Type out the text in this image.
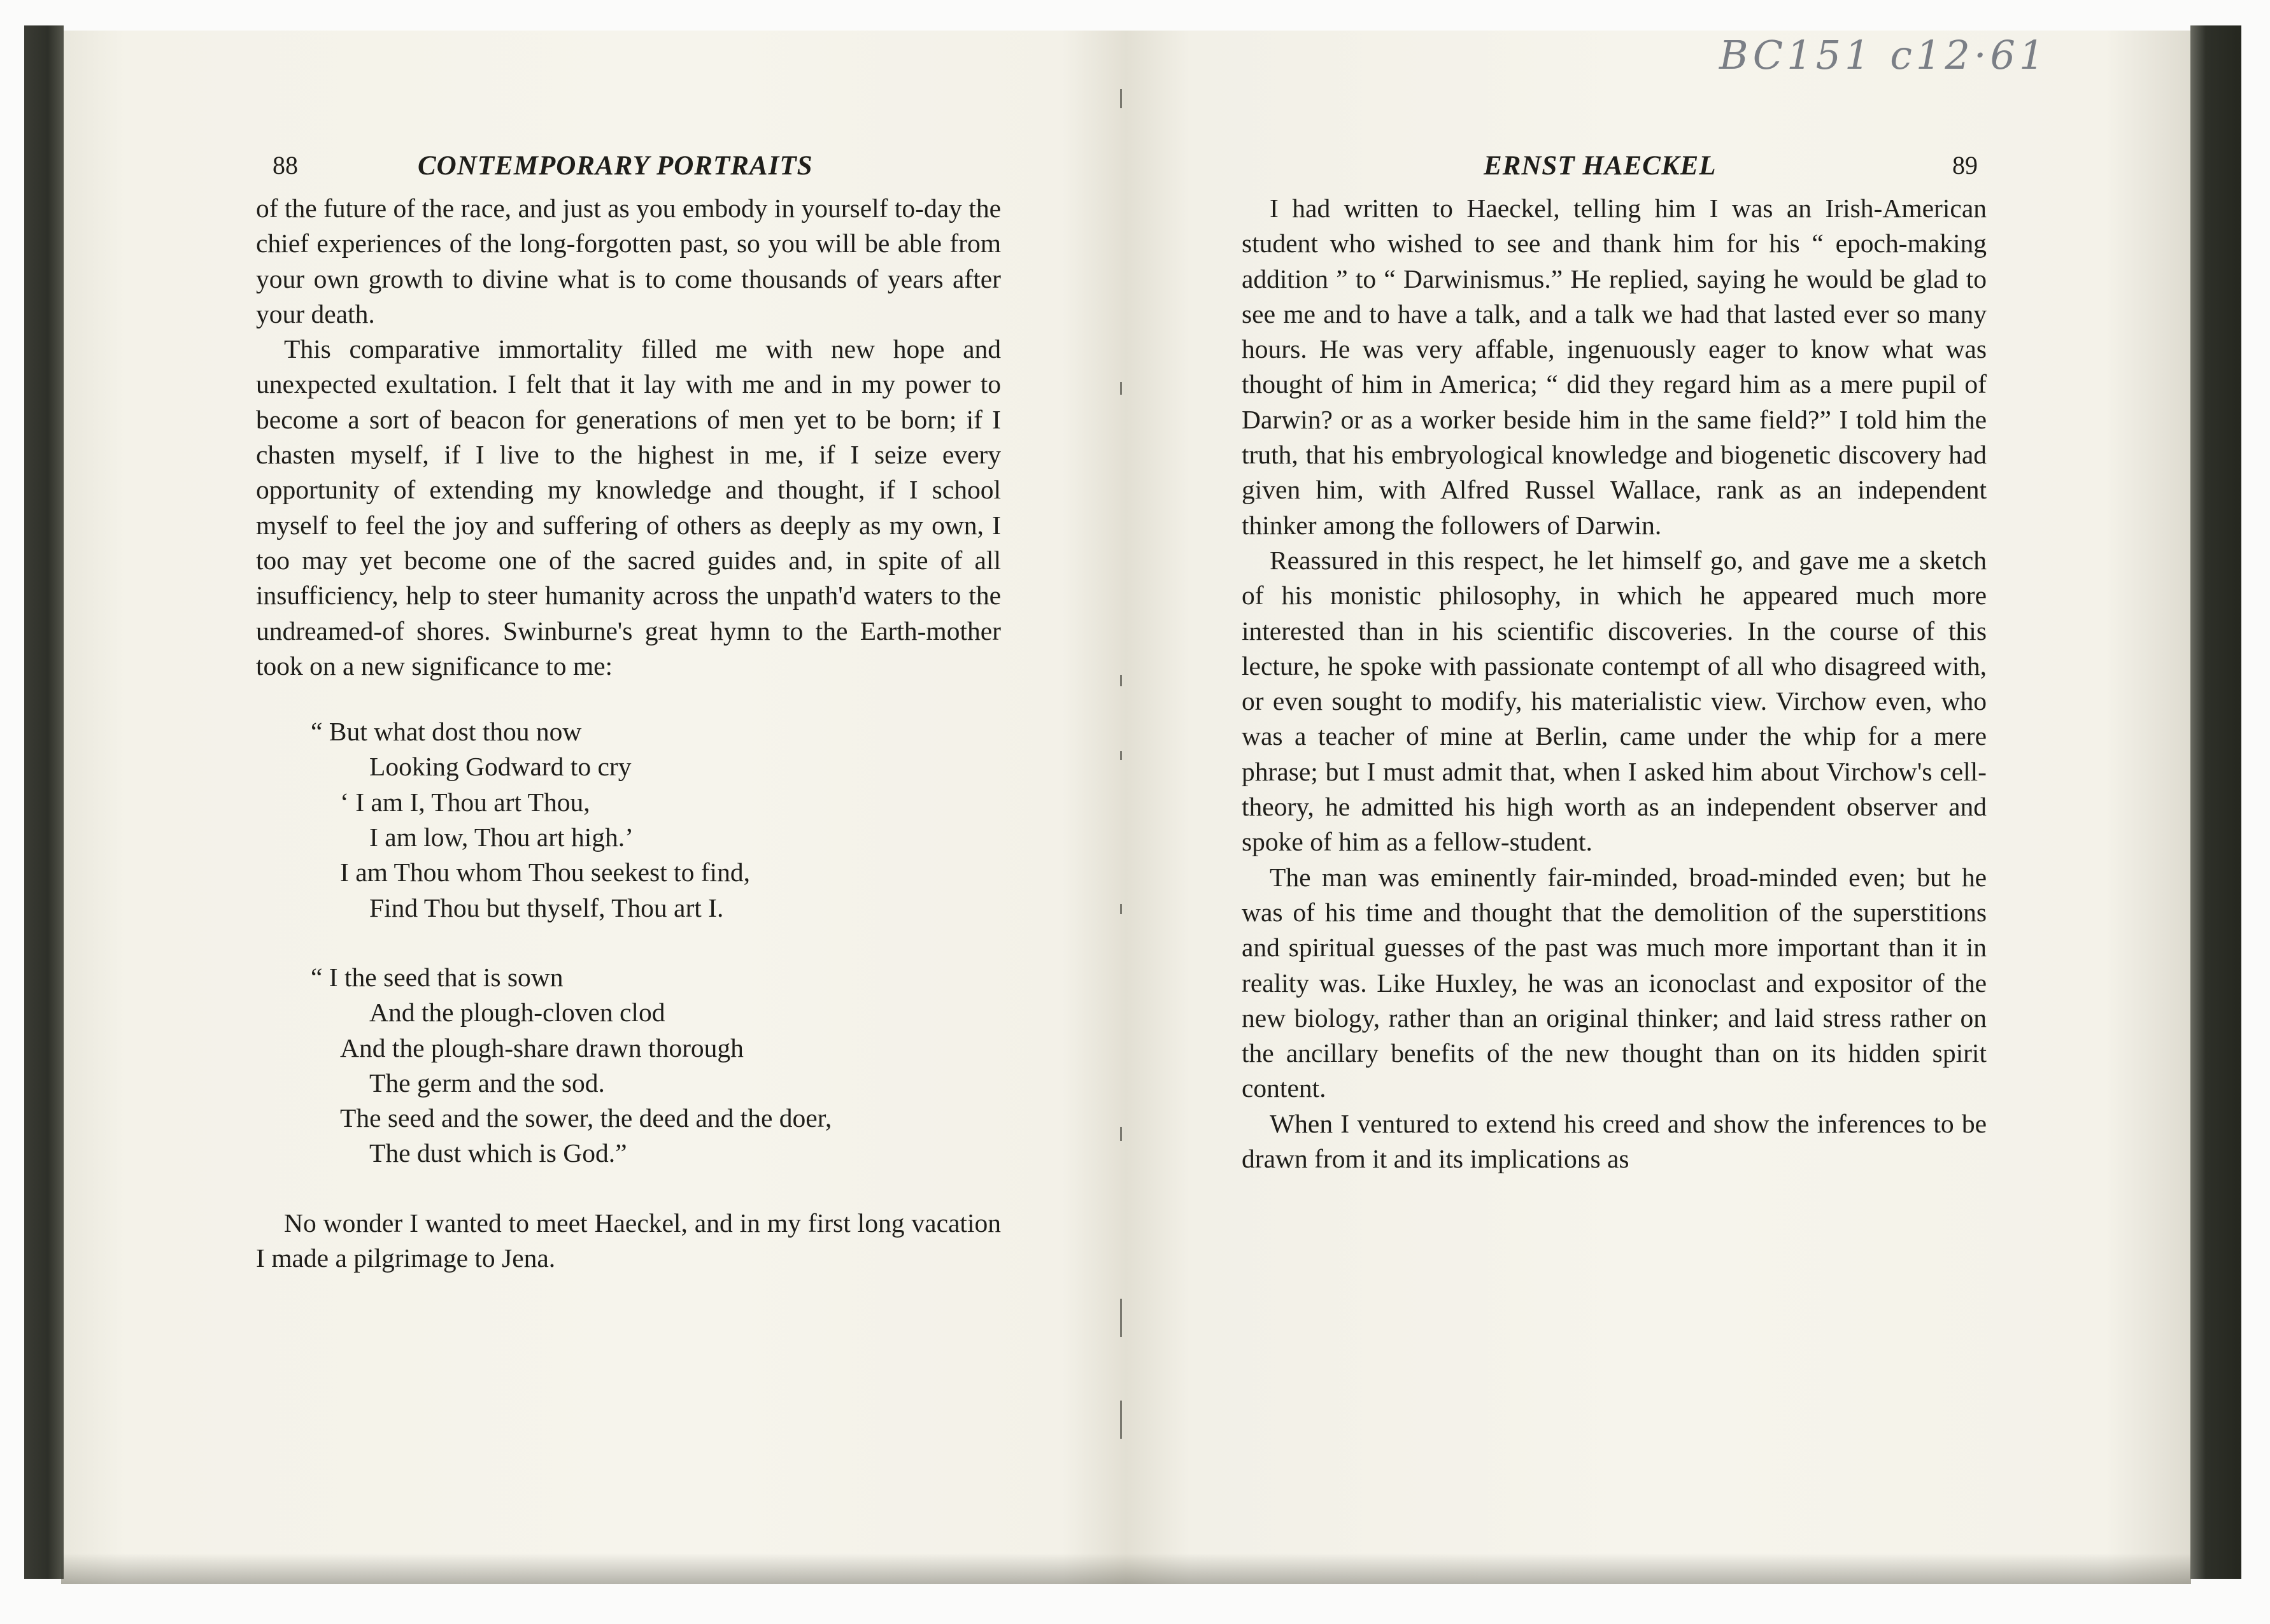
BC151 c12·61
88	CONTEMPORARY PORTRAITS

of the future of the race, and just as you embody in yourself to-day the chief experiences of the long-forgotten past, so you will be able from your own growth to divine what is to come thousands of years after your death.

This comparative immortality filled me with new hope and unexpected exultation. I felt that it lay with me and in my power to become a sort of beacon for generations of men yet to be born; if I chasten myself, if I live to the highest in me, if I seize every opportunity of extending my knowledge and thought, if I school myself to feel the joy and suffering of others as deeply as my own, I too may yet become one of the sacred guides and, in spite of all insufficiency, help to steer humanity across the unpath'd waters to the undreamed-of shores. Swinburne's great hymn to the Earth-mother took on a new significance to me:

“ But what dost thou now
Looking Godward to cry
‘ I am I, Thou art Thou,
I am low, Thou art high.’
I am Thou whom Thou seekest to find,
Find Thou but thyself, Thou art I.
“ I the seed that is sown
And the plough-cloven clod
And the plough-share drawn thorough
The germ and the sod.
The seed and the sower, the deed and the doer,
The dust which is God.”

No wonder I wanted to meet Haeckel, and in my first long vacation I made a pilgrimage to Jena.

ERNST HAECKEL	89

I had written to Haeckel, telling him I was an Irish-American student who wished to see and thank him for his “ epoch-making addition ” to “ Darwinismus.” He replied, saying he would be glad to see me and to have a talk, and a talk we had that lasted ever so many hours. He was very affable, ingenuously eager to know what was thought of him in America; “ did they regard him as a mere pupil of Darwin? or as a worker beside him in the same field?” I told him the truth, that his embryological knowledge and biogenetic discovery had given him, with Alfred Russel Wallace, rank as an independent thinker among the followers of Darwin.

Reassured in this respect, he let himself go, and gave me a sketch of his monistic philosophy, in which he appeared much more interested than in his scientific discoveries. In the course of this lecture, he spoke with passionate contempt of all who disagreed with, or even sought to modify, his materialistic view. Virchow even, who was a teacher of mine at Berlin, came under the whip for a mere phrase; but I must admit that, when I asked him about Virchow's cell-theory, he admitted his high worth as an independent observer and spoke of him as a fellow-student.

The man was eminently fair-minded, broad-minded even; but he was of his time and thought that the demolition of the superstitions and spiritual guesses of the past was much more important than it in reality was. Like Huxley, he was an iconoclast and expositor of the new biology, rather than an original thinker; and laid stress rather on the ancillary benefits of the new thought than on its hidden spirit content.

When I ventured to extend his creed and show the inferences to be drawn from it and its implications as
